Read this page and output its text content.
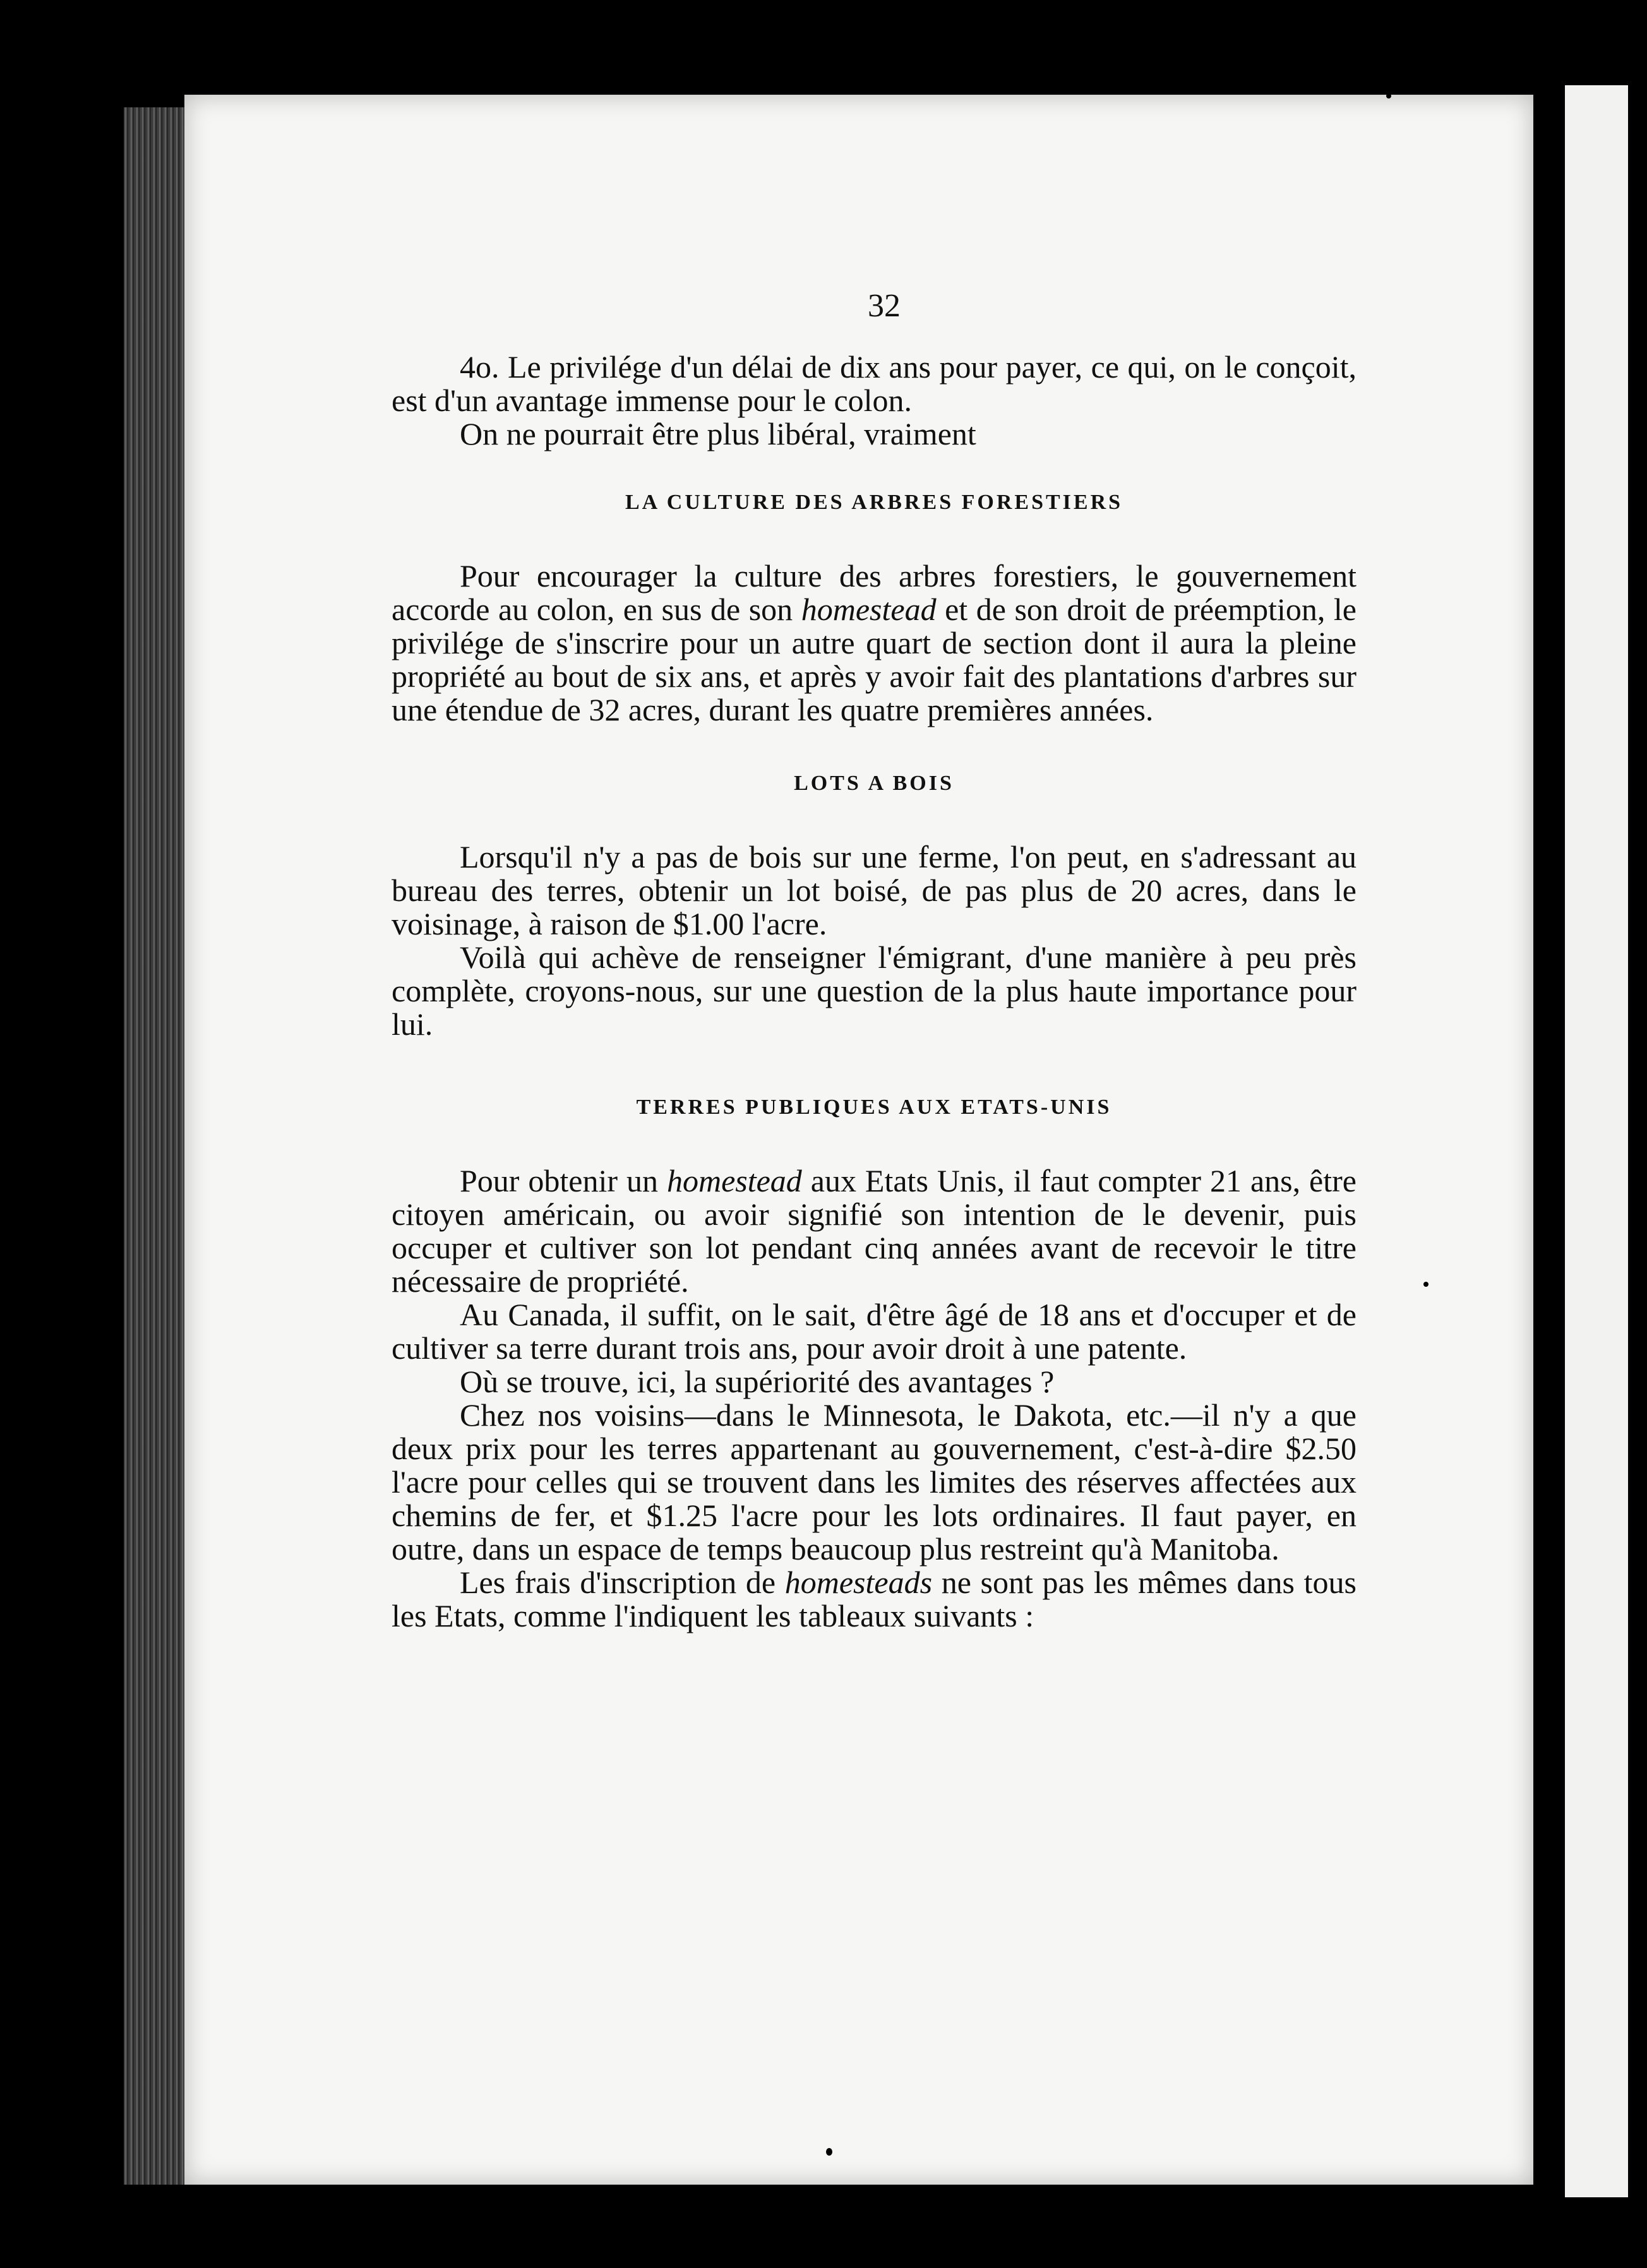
32

4o. Le privilége d'un délai de dix ans pour payer, ce qui, on le conçoit, est d'un avantage immense pour le colon.

On ne pourrait être plus libéral, vraiment

LA CULTURE DES ARBRES FORESTIERS

Pour encourager la culture des arbres forestiers, le gouvernement accorde au colon, en sus de son homestead et de son droit de préemption, le privilége de s'inscrire pour un autre quart de section dont il aura la pleine propriété au bout de six ans, et après y avoir fait des plantations d'arbres sur une étendue de 32 acres, durant les quatre premières années.

LOTS A BOIS

Lorsqu'il n'y a pas de bois sur une ferme, l'on peut, en s'adressant au bureau des terres, obtenir un lot boisé, de pas plus de 20 acres, dans le voisinage, à raison de $1.00 l'acre.

Voilà qui achève de renseigner l'émigrant, d'une manière à peu près complète, croyons-nous, sur une question de la plus haute importance pour lui.

TERRES PUBLIQUES AUX ETATS-UNIS

Pour obtenir un homestead aux Etats Unis, il faut compter 21 ans, être citoyen américain, ou avoir signifié son intention de le devenir, puis occuper et cultiver son lot pendant cinq années avant de recevoir le titre nécessaire de propriété.

Au Canada, il suffit, on le sait, d'être âgé de 18 ans et d'occuper et de cultiver sa terre durant trois ans, pour avoir droit à une patente.

Où se trouve, ici, la supériorité des avantages ?

Chez nos voisins—dans le Minnesota, le Dakota, etc.—il n'y a que deux prix pour les terres appartenant au gouvernement, c'est-à-dire $2.50 l'acre pour celles qui se trouvent dans les limites des réserves affectées aux chemins de fer, et $1.25 l'acre pour les lots ordinaires. Il faut payer, en outre, dans un espace de temps beaucoup plus restreint qu'à Manitoba.

Les frais d'inscription de homesteads ne sont pas les mêmes dans tous les Etats, comme l'indiquent les tableaux suivants :
